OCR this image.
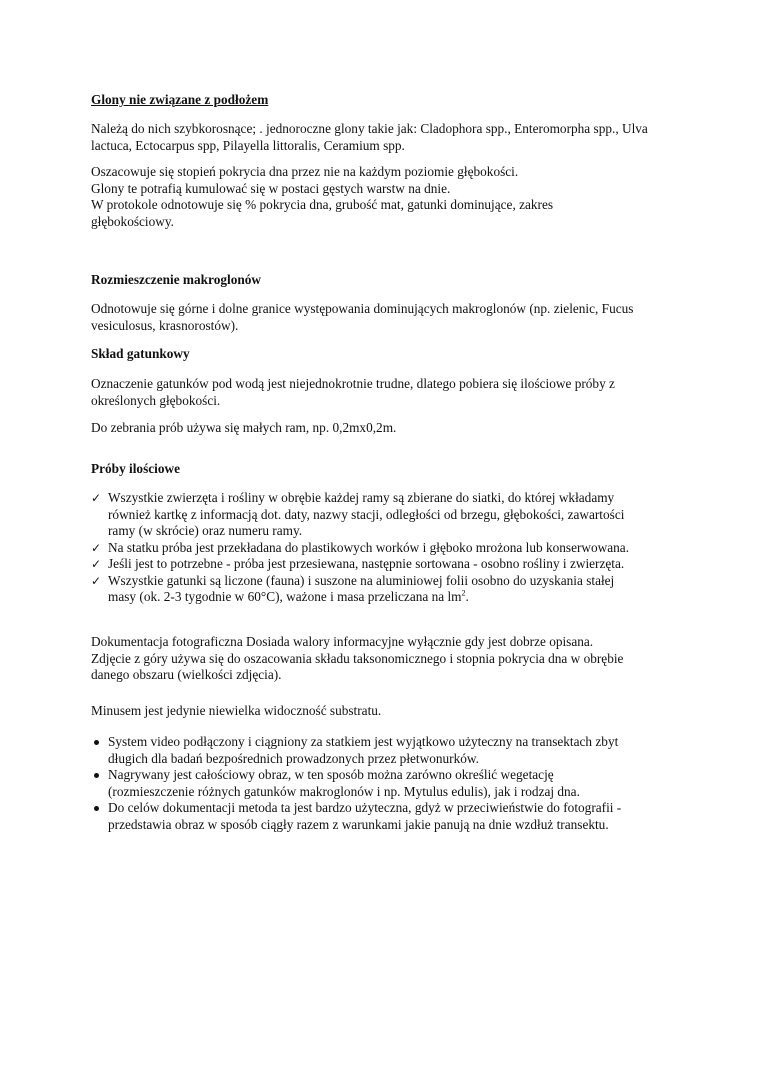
Glony nie związane z podłożem

Należą do nich szybkorosnące; . jednoroczne glony takie jak: Cladophora spp., Enteromorpha spp., Ulva

lactuca, Ectocarpus spp, Pilayella littoralis, Ceramium spp.

Oszacowuje się stopień pokrycia dna przez nie na każdym poziomie głębokości.

Glony te potrafią kumulować się w postaci gęstych warstw na dnie.

W protokole odnotowuje się % pokrycia dna, grubość mat, gatunki dominujące, zakres

głębokościowy.

Rozmieszczenie makroglonów

Odnotowuje się górne i dolne granice występowania dominujących makroglonów (np. zielenic, Fucus

vesiculosus, krasnorostów).

Skład gatunkowy

Oznaczenie gatunków pod wodą jest niejednokrotnie trudne, dlatego pobiera się ilościowe próby z

określonych głębokości.

Do zebrania prób używa się małych ram, np. 0,2mx0,2m.

Próby ilościowe

✓ Wszystkie zwierzęta i rośliny w obrębie każdej ramy są zbierane do siatki, do której wkładamy

również kartkę z informacją dot. daty, nazwy stacji, odległości od brzegu, głębokości, zawartości

ramy (w skrócie) oraz numeru ramy.

✓ Na statku próba jest przekładana do plastikowych worków i głęboko mrożona lub konserwowana.

✓ Jeśli jest to potrzebne - próba jest przesiewana, następnie sortowana - osobno rośliny i zwierzęta.

✓ Wszystkie gatunki są liczone (fauna) i suszone na aluminiowej folii osobno do uzyskania stałej

masy (ok. 2-3 tygodnie w 60°C), ważone i masa przeliczana na $lm^2$.

Dokumentacja fotograficzna Dosiada walory informacyjne wyłącznie gdy jest dobrze opisana.

Zdjęcie z góry używa się do oszacowania składu taksonomicznego i stopnia pokrycia dna w obrębie

danego obszaru (wielkości zdjęcia).

Minusem jest jedynie niewielka widoczność substratu.

System video podłączony i ciągniony za statkiem jest wyjątkowo użyteczny na transektach zbyt

długich dla badań bezpośrednich prowadzonych przez płetwonurków.

Nagrywany jest całościowy obraz, w ten sposób można zarówno określić wegetację

(rozmieszczenie różnych gatunków makroglonów i np. Mytulus edulis), jak i rodzaj dna.

Do celów dokumentacji metoda ta jest bardzo użyteczna, gdyż w przeciwieństwie do fotografii -

przedstawia obraz w sposób ciągły razem z warunkami jakie panują na dnie wzdłuż transektu.
